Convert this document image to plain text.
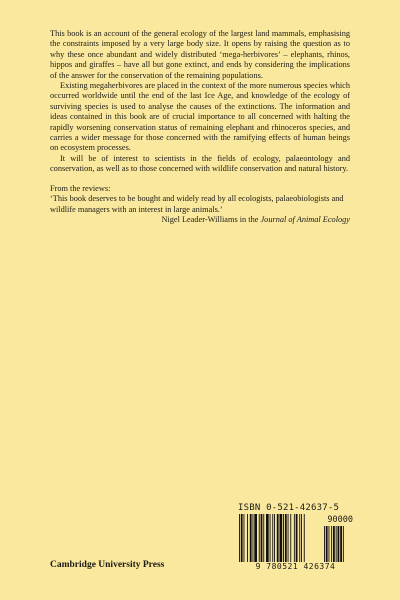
This book is an account of the general ecology of the largest land mammals, emphasising the constraints imposed by a very large body size. It opens by raising the question as to why these once abundant and widely distributed ‘mega-herbivores’ – elephants, rhinos, hippos and giraffes – have all but gone extinct, and ends by considering the implications of the answer for the conservation of the remaining populations.

Existing megaherbivores are placed in the context of the more numerous species which occurred worldwide until the end of the last Ice Age, and knowledge of the ecology of surviving species is used to analyse the causes of the extinctions. The information and ideas contained in this book are of crucial importance to all concerned with halting the rapidly worsening conservation status of remaining elephant and rhinoceros species, and carries a wider message for those concerned with the ramifying effects of human beings on ecosystem processes.

It will be of interest to scientists in the fields of ecology, palaeontology and conservation, as well as to those concerned with wildlife conservation and natural history.

From the reviews:

‘This book deserves to be bought and widely read by all ecologists, palaeobiologists and wildlife managers with an interest in large animals.’

Nigel Leader-Williams in the Journal of Animal Ecology

ISBN 0-521-42637-5
90000
9 780521 426374
Cambridge University Press
